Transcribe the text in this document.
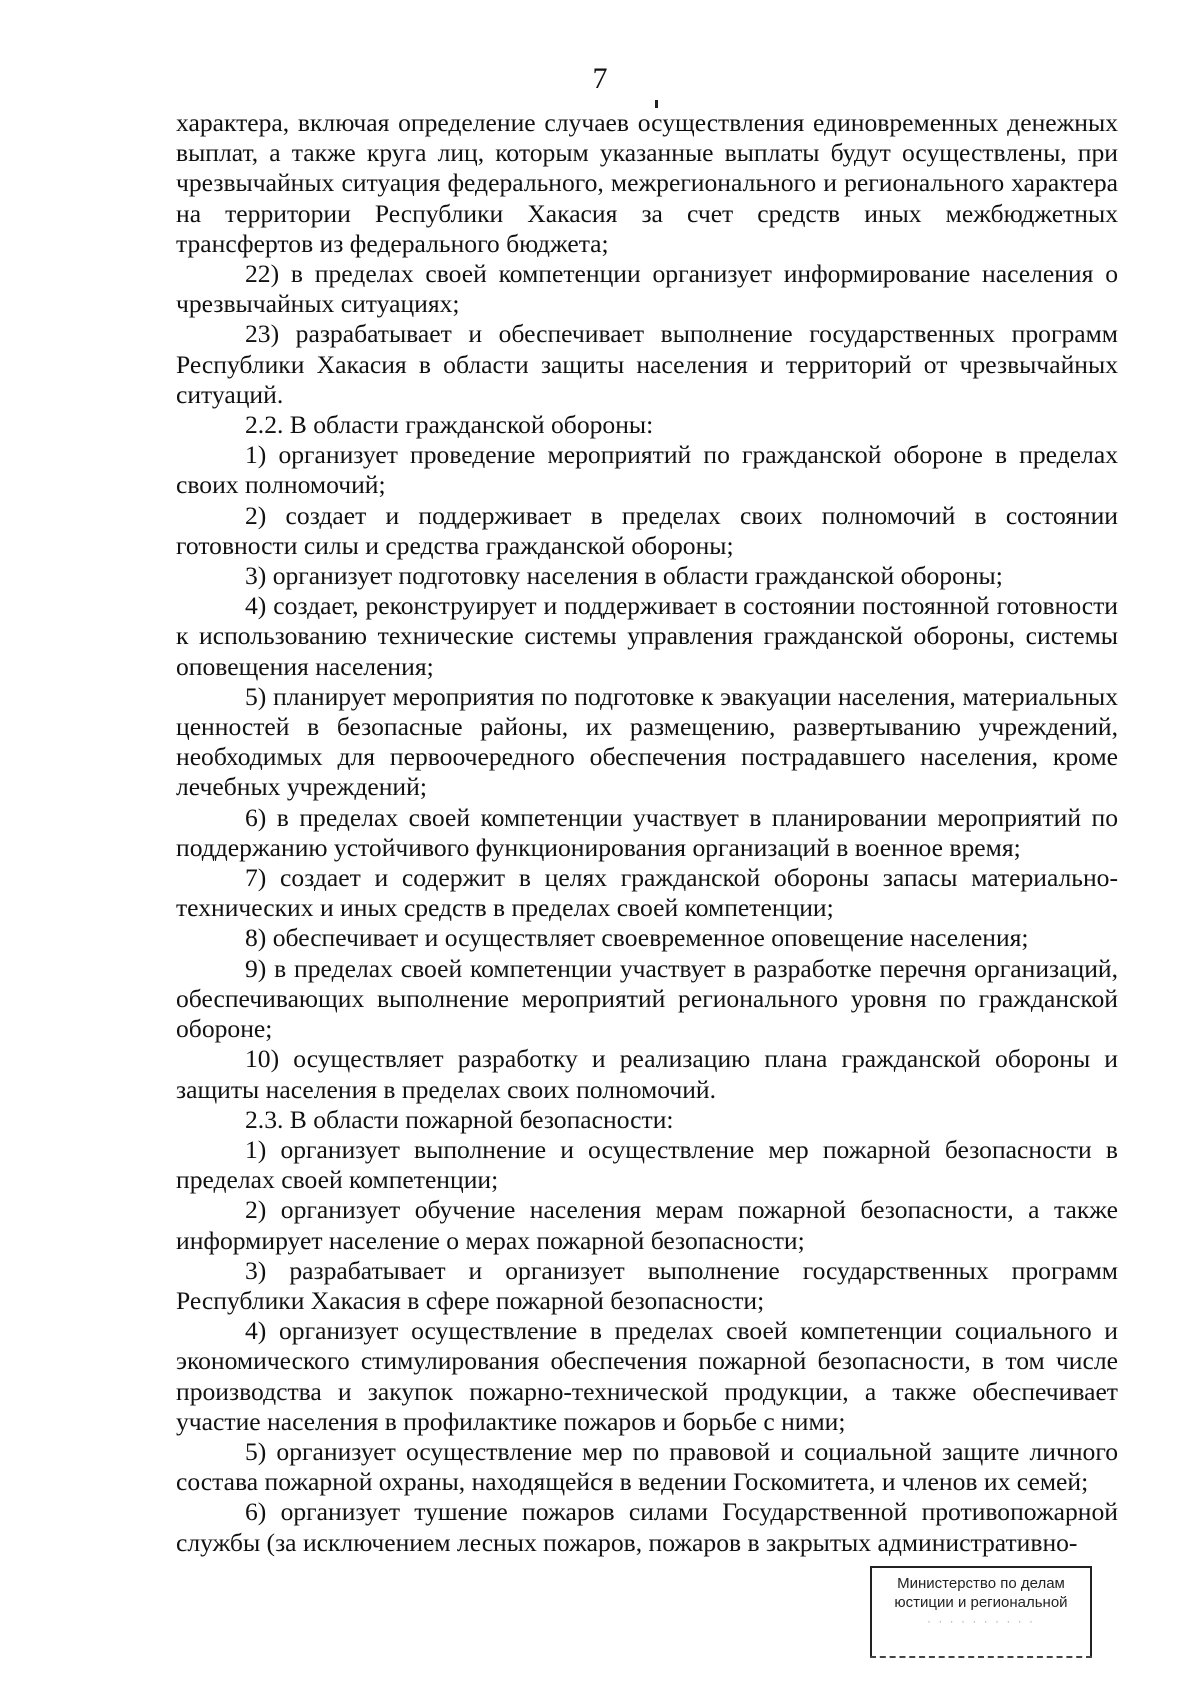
7

характера, включая определение случаев осуществления единовременных денежных выплат, а также круга лиц, которым указанные выплаты будут осуществлены, при чрезвычайных ситуация федерального, межрегионального и регионального характера на территории Республики Хакасия за счет средств иных межбюджетных трансфертов из федерального бюджета;

22) в пределах своей компетенции организует информирование населения о чрезвычайных ситуациях;

23) разрабатывает и обеспечивает выполнение государственных программ Республики Хакасия в области защиты населения и территорий от чрезвычайных ситуаций.

2.2. В области гражданской обороны:

1) организует проведение мероприятий по гражданской обороне в пределах своих полномочий;

2) создает и поддерживает в пределах своих полномочий в состоянии готовности силы и средства гражданской обороны;

3) организует подготовку населения в области гражданской обороны;

4) создает, реконструирует и поддерживает в состоянии постоянной готовности к использованию технические системы управления гражданской обороны, системы оповещения населения;

5) планирует мероприятия по подготовке к эвакуации населения, материальных ценностей в безопасные районы, их размещению, развертыванию учреждений, необходимых для первоочередного обеспечения пострадавшего населения, кроме лечебных учреждений;

6) в пределах своей компетенции участвует в планировании мероприятий по поддержанию устойчивого функционирования организаций в военное время;

7) создает и содержит в целях гражданской обороны запасы материально-технических и иных средств в пределах своей компетенции;

8) обеспечивает и осуществляет своевременное оповещение населения;

9) в пределах своей компетенции участвует в разработке перечня организаций, обеспечивающих выполнение мероприятий регионального уровня по гражданской обороне;

10) осуществляет разработку и реализацию плана гражданской обороны и защиты населения в пределах своих полномочий.

2.3. В области пожарной безопасности:

1) организует выполнение и осуществление мер пожарной безопасности в пределах своей компетенции;

2) организует обучение населения мерам пожарной безопасности, а также информирует население о мерах пожарной безопасности;

3) разрабатывает и организует выполнение государственных программ Республики Хакасия в сфере пожарной безопасности;

4) организует осуществление в пределах своей компетенции социального и экономического стимулирования обеспечения пожарной безопасности, в том числе производства и закупок пожарно-технической продукции, а также обеспечивает участие населения в профилактике пожаров и борьбе с ними;

5) организует осуществление мер по правовой и социальной защите личного состава пожарной охраны, находящейся в ведении Госкомитета, и членов их семей;

6) организует тушение пожаров силами Государственной противопожарной службы (за исключением лесных пожаров, пожаров в закрытых административно-

Министерство по делам
юстиции и региональной
· · · · · · · · · ·
